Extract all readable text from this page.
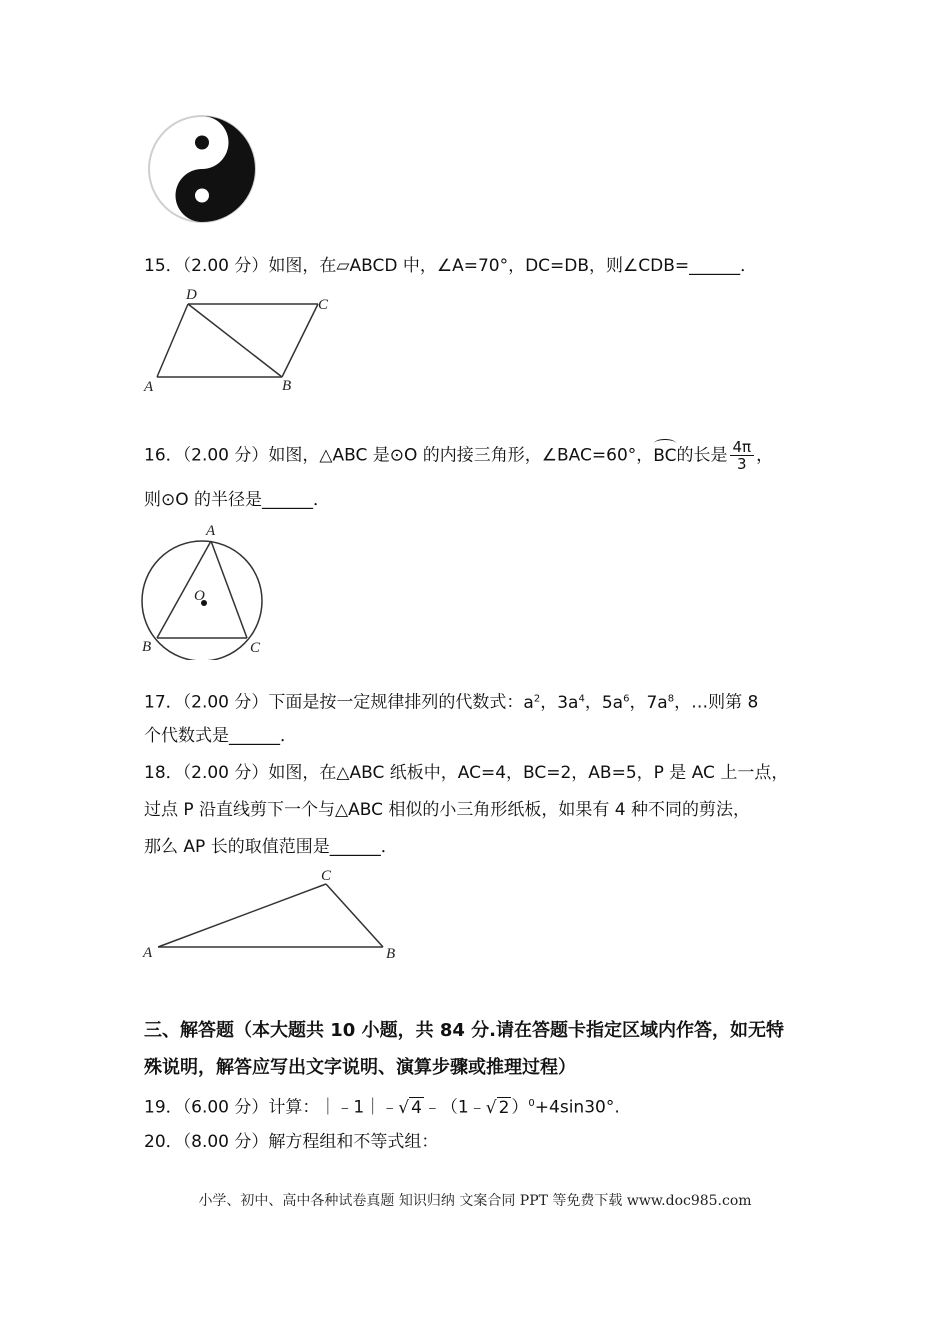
15．（2.00 分）如图，在▱ABCD 中，∠A=70°，DC=DB，则∠CDB=______．
D
C
A	B
16．（2.00 分）如图，△ABC 是⊙O 的内接三角形，∠BAC=60°，BC的长是 $\frac{4\pi}{3}$ ，
则⊙O 的半径是______．
A
O
B	C
17．（2.00 分）下面是按一定规律排列的代数式：$a^2$，$3a^4$，$5a^6$，$7a^8$，…则第 8
个代数式是______．
18．（2.00 分）如图，在△ABC 纸板中，AC=4，BC=2，AB=5，P 是 AC 上一点，
过点 P 沿直线剪下一个与△ABC 相似的小三角形纸板，如果有 4 种不同的剪法，
那么 AP 长的取值范围是______．
C
A	B
三、解答题（本大题共 10 小题，共 84 分.请在答题卡指定区域内作答，如无特
殊说明，解答应写出文字说明、演算步骤或推理过程）
19．（6.00 分）计算：｜﹣1｜﹣√ 4 ﹣（1﹣√ 2 ）$^0$+4sin30°.
20．（8.00 分）解方程组和不等式组：
小学、初中、高中各种试卷真题 知识归纳 文案合同 PPT 等免费下载 www.doc985.com
